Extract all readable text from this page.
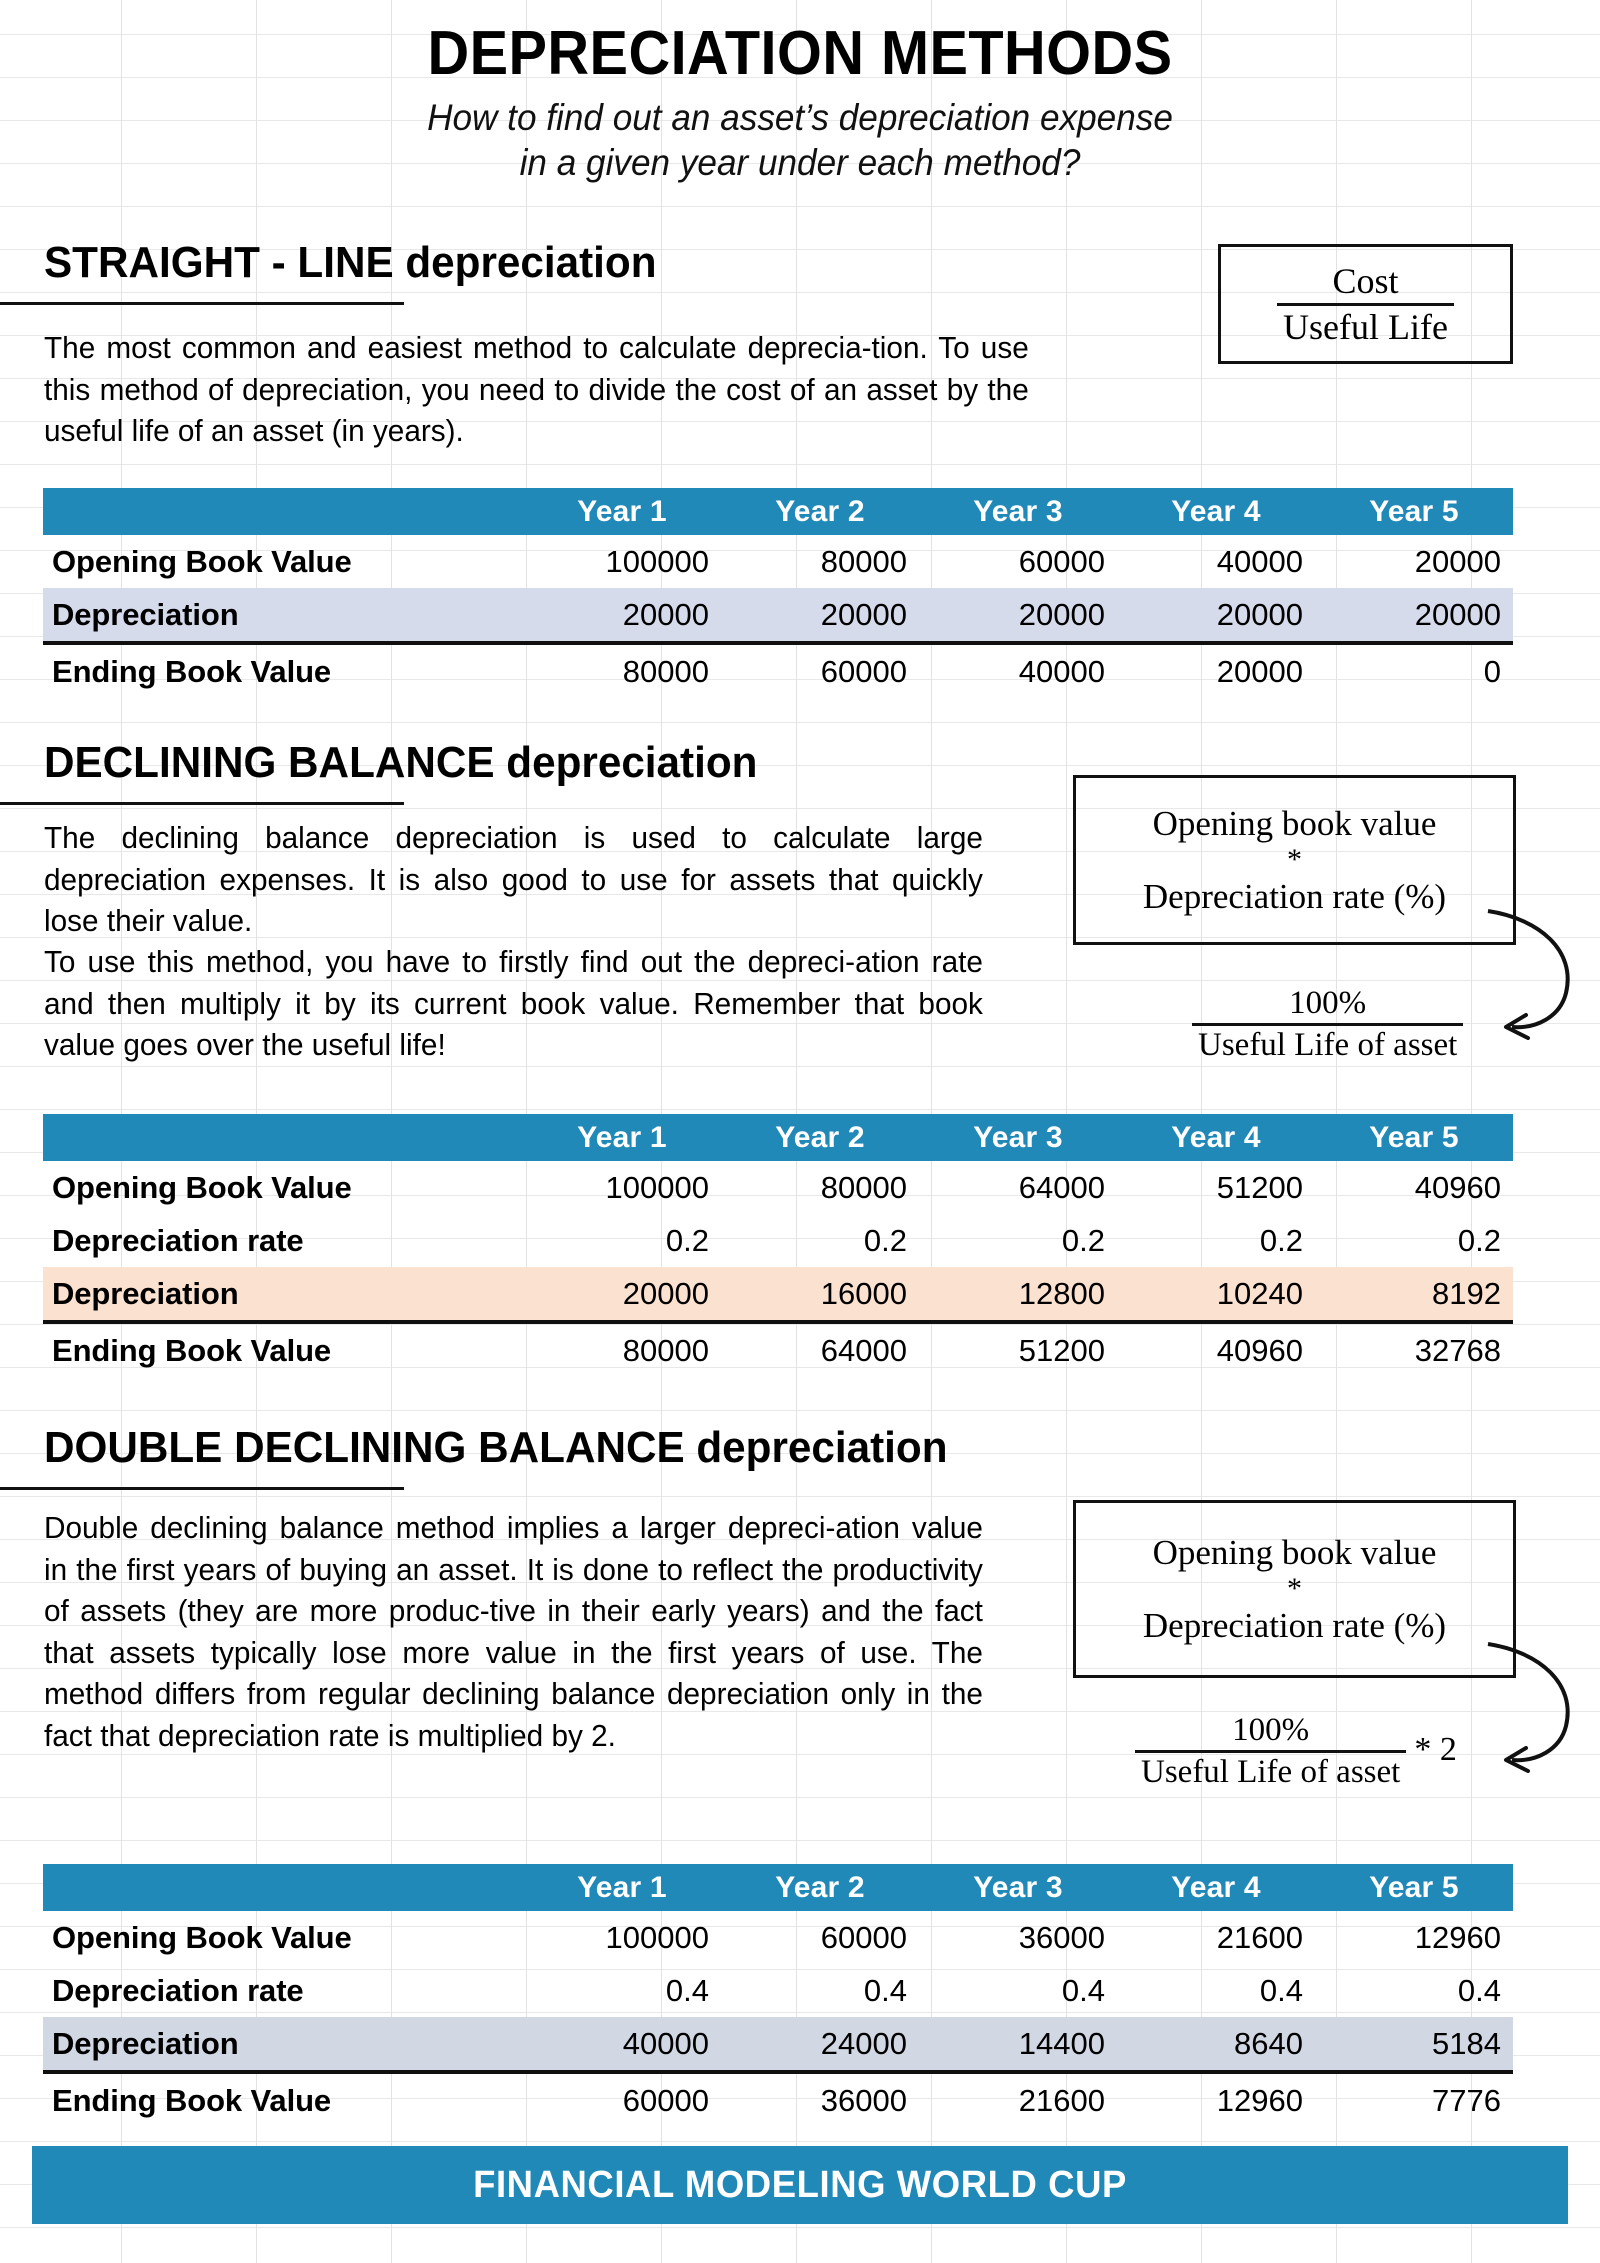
DEPRECIATION METHODS
How to find out an asset’s depreciation expense
in a given year under each method?
STRAIGHT - LINE depreciation
The most common and easiest method to calculate deprecia-tion. To use this method of depreciation, you need to divide the cost of an asset by the useful life of an asset (in years).
$\frac{\text{Cost}}{\text{Useful Life}}$
	Year 1	Year 2	Year 3	Year 4	Year 5
Opening Book Value	100000	80000	60000	40000	20000
Depreciation	20000	20000	20000	20000	20000
Ending Book Value	80000	60000	40000	20000	0
DECLINING BALANCE depreciation
The declining balance depreciation is used to calculate large depreciation expenses. It is also good to use for assets that quickly lose their value.
To use this method, you have to firstly find out the depreci-ation rate and then multiply it by its current book value. Remember that book value goes over the useful life!
Opening book value
*
Depreciation rate (%)
$\frac{100\%}{\text{Useful Life of asset}}$
	Year 1	Year 2	Year 3	Year 4	Year 5
Opening Book Value	100000	80000	64000	51200	40960
Depreciation rate	0.2	0.2	0.2	0.2	0.2
Depreciation	20000	16000	12800	10240	8192
Ending Book Value	80000	64000	51200	40960	32768
DOUBLE DECLINING BALANCE depreciation
Double declining balance method implies a larger depreci-ation value in the first years of buying an asset. It is done to reflect the productivity of assets (they are more produc-tive in their early years) and the fact that assets typically lose more value in the first years of use. The method differs from regular declining balance depreciation only in the fact that depreciation rate is multiplied by 2.
Opening book value
*
Depreciation rate (%)
$\frac{100\%}{\text{Useful Life of asset}} * 2$
	Year 1	Year 2	Year 3	Year 4	Year 5
Opening Book Value	100000	60000	36000	21600	12960
Depreciation rate	0.4	0.4	0.4	0.4	0.4
Depreciation	40000	24000	14400	8640	5184
Ending Book Value	60000	36000	21600	12960	7776
FINANCIAL MODELING WORLD CUP
